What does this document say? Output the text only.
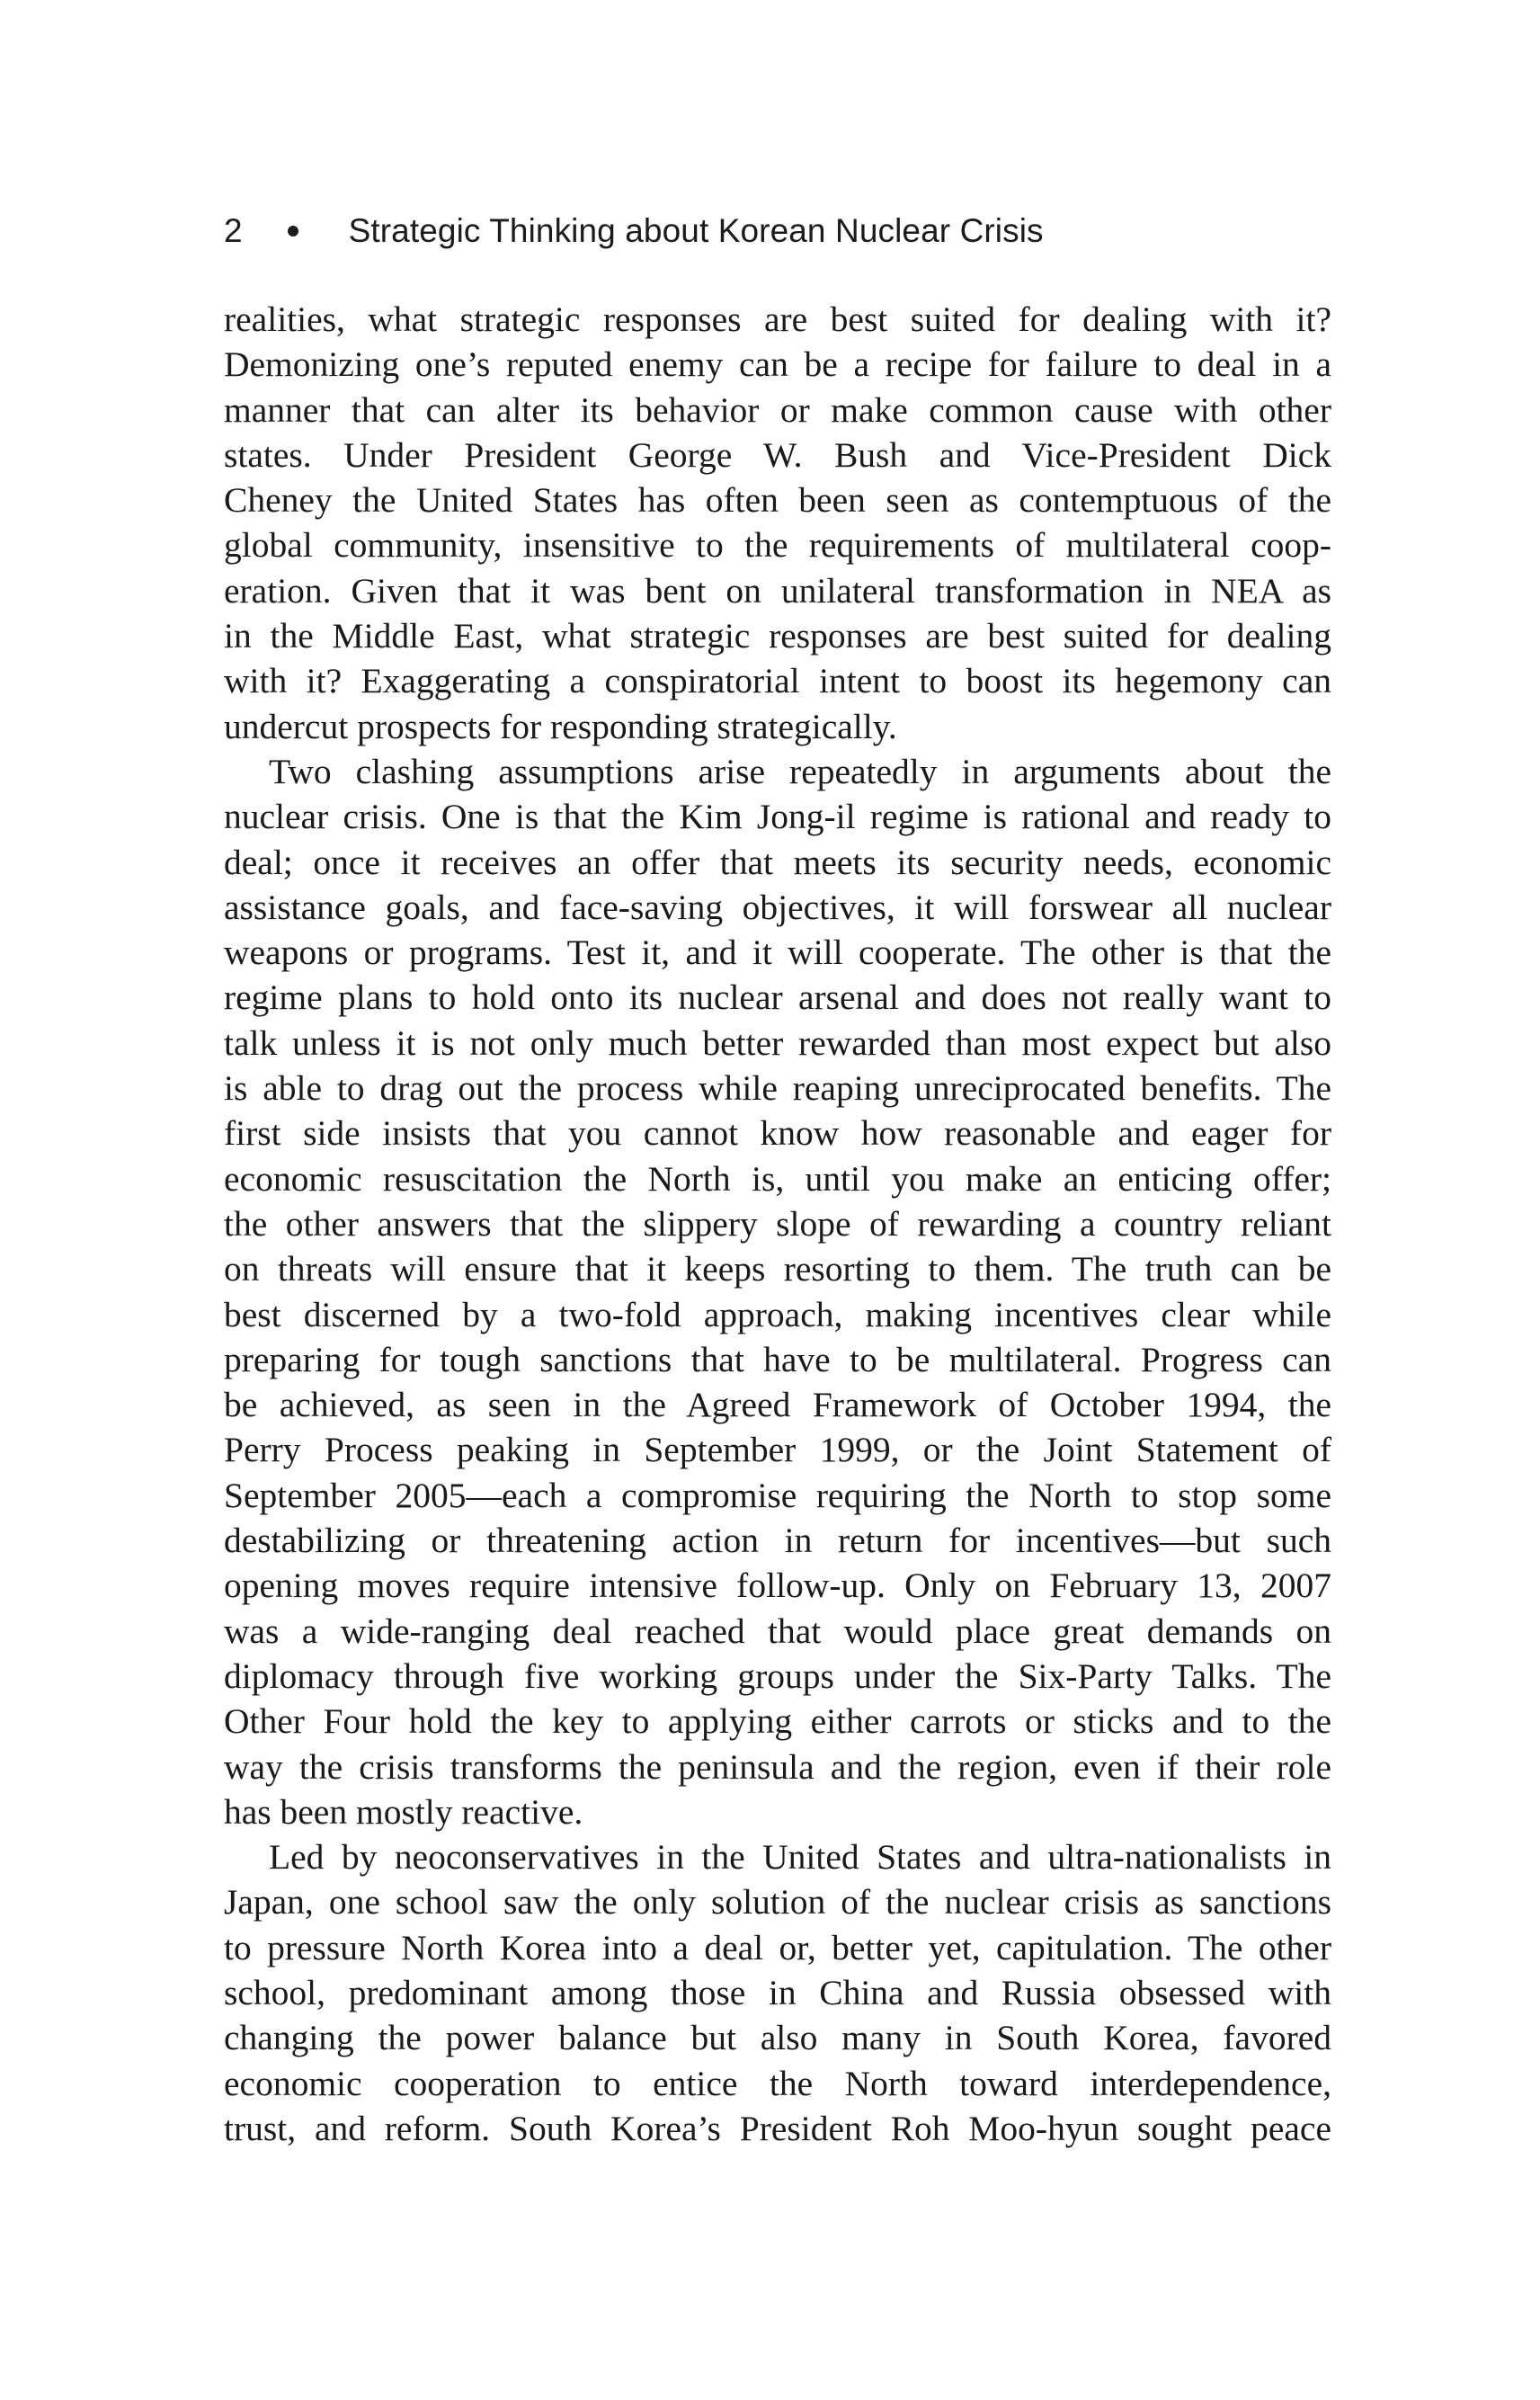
2	Strategic Thinking about Korean Nuclear Crisis
realities, what strategic responses are best suited for dealing with it?
Demonizing one’s reputed enemy can be a recipe for failure to deal in a
manner that can alter its behavior or make common cause with other
states. Under President George W. Bush and Vice-President Dick
Cheney the United States has often been seen as contemptuous of the
global community, insensitive to the requirements of multilateral coop-
eration. Given that it was bent on unilateral transformation in NEA as
in the Middle East, what strategic responses are best suited for dealing
with it? Exaggerating a conspiratorial intent to boost its hegemony can
undercut prospects for responding strategically.
Two clashing assumptions arise repeatedly in arguments about the
nuclear crisis. One is that the Kim Jong-il regime is rational and ready to
deal; once it receives an offer that meets its security needs, economic
assistance goals, and face-saving objectives, it will forswear all nuclear
weapons or programs. Test it, and it will cooperate. The other is that the
regime plans to hold onto its nuclear arsenal and does not really want to
talk unless it is not only much better rewarded than most expect but also
is able to drag out the process while reaping unreciprocated benefits. The
first side insists that you cannot know how reasonable and eager for
economic resuscitation the North is, until you make an enticing offer;
the other answers that the slippery slope of rewarding a country reliant
on threats will ensure that it keeps resorting to them. The truth can be
best discerned by a two-fold approach, making incentives clear while
preparing for tough sanctions that have to be multilateral. Progress can
be achieved, as seen in the Agreed Framework of October 1994, the
Perry Process peaking in September 1999, or the Joint Statement of
September 2005—each a compromise requiring the North to stop some
destabilizing or threatening action in return for incentives—but such
opening moves require intensive follow-up. Only on February 13, 2007
was a wide-ranging deal reached that would place great demands on
diplomacy through five working groups under the Six-Party Talks. The
Other Four hold the key to applying either carrots or sticks and to the
way the crisis transforms the peninsula and the region, even if their role
has been mostly reactive.
Led by neoconservatives in the United States and ultra-nationalists in
Japan, one school saw the only solution of the nuclear crisis as sanctions
to pressure North Korea into a deal or, better yet, capitulation. The other
school, predominant among those in China and Russia obsessed with
changing the power balance but also many in South Korea, favored
economic cooperation to entice the North toward interdependence,
trust, and reform. South Korea’s President Roh Moo-hyun sought peace
